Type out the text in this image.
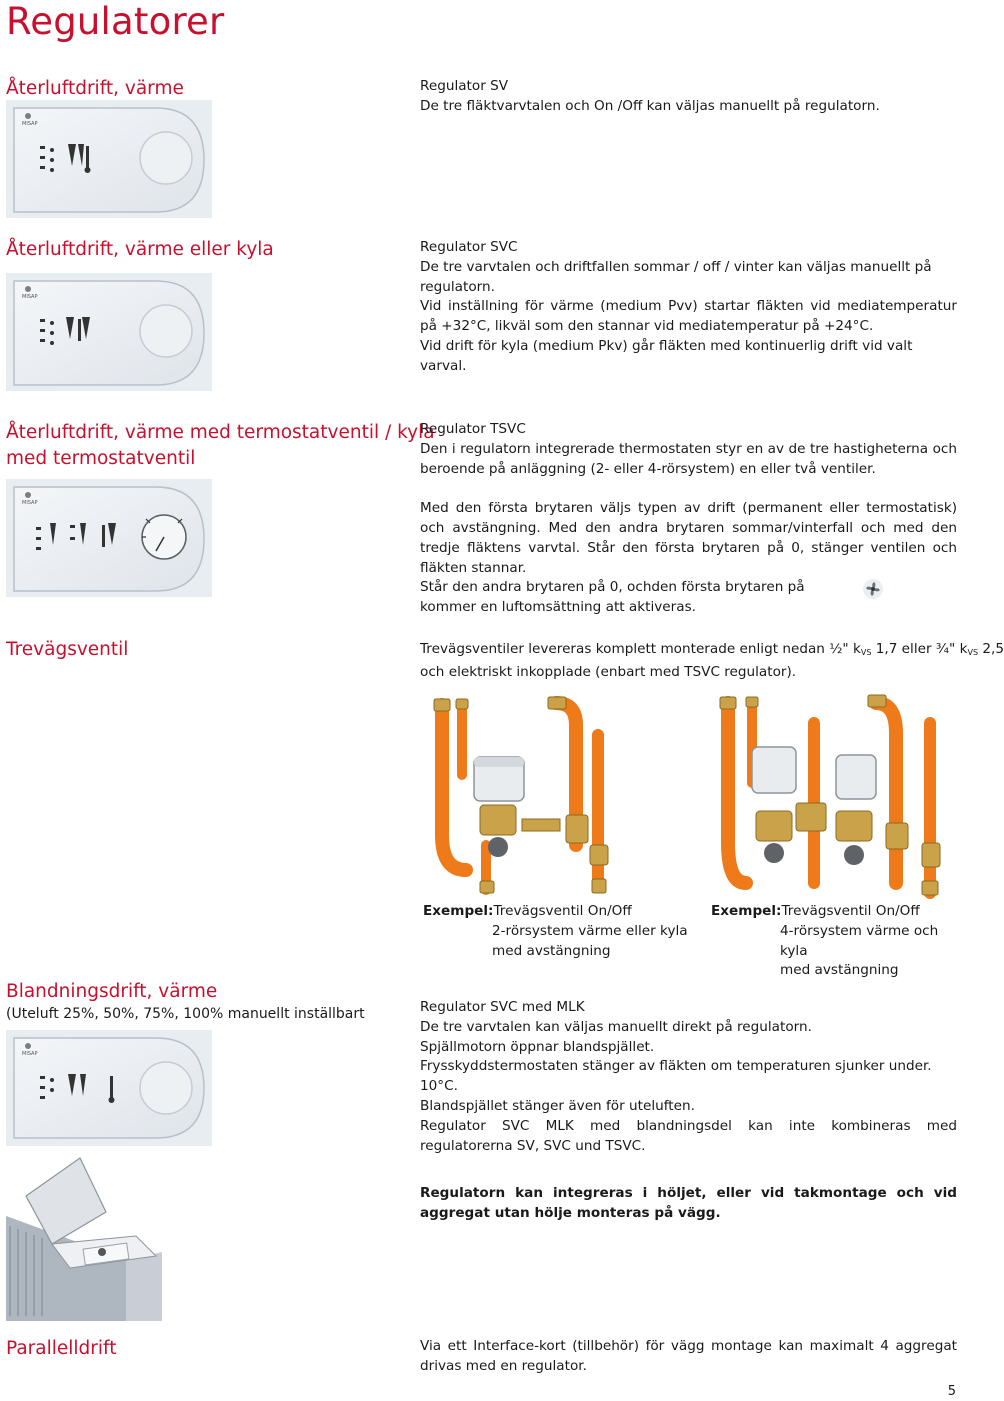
Regulatorer
Återluftdrift, värme
MISAP

Regulator SV

De tre fläktvarvtalen och On /Off kan väljas manuellt på regulatorn.

Återluftdrift, värme eller kyla
MISAP

Regulator SVC

De tre varvtalen och driftfallen sommar / off / vinter kan väljas manuellt på regulatorn.

Vid inställning för värme (medium Pvv) startar fläkten vid mediatemperatur på +32°C, likväl som den stannar vid mediatemperatur på +24°C.

Vid drift för kyla (medium Pkv) går fläkten med kontinuerlig drift vid valt varval.

Återluftdrift, värme med termostatventil / kyla
med termostatventil
MISAP

Regulator TSVC

Den i regulatorn integrerade thermostaten styr en av de tre hastigheterna och beroende på anläggning (2- eller 4-rörsystem) en eller två ventiler.

Med den första brytaren väljs typen av drift (permanent eller termostatisk) och avstängning. Med den andra brytaren sommar/vinterfall och med den tredje fläktens varvtal. Står den första brytaren på 0, stänger ventilen och fläkten stannar.

Står den andra brytaren på 0, ochden första brytaren på

kommer en luftomsättning att aktiveras.

Trevägsventil	Trevägsventiler levereras komplett monterade enligt nedan ½" $k_{VS}$ 1,7 eller ¾" $k_{VS}$ 2,5

och elektriskt inkopplade (enbart med TSVC regulator).

Exempel:Trevägsventil On/Off
2-rörsystem värme eller kyla
med avstängning
Exempel:Trevägsventil On/Off
4-rörsystem värme och kyla
med avstängning
Blandningsdrift, värme
(Uteluft 25%, 50%, 75%, 100% manuellt inställbart
MISAP

Regulator SVC med MLK

De tre varvtalen kan väljas manuellt direkt på regulatorn.

Spjällmotorn öppnar blandspjället.

Frysskyddstermostaten stänger av fläkten om temperaturen sjunker under. 10°C.

Blandspjället stänger även för uteluften.

Regulator SVC MLK med blandningsdel kan inte kombineras med regulatorerna SV, SVC und TSVC.

Regulatorn kan integreras i höljet, eller vid takmontage och vid aggregat utan hölje monteras på vägg.
Parallelldrift	Via ett Interface-kort (tillbehör) för vägg montage kan maximalt 4 aggregat drivas med en regulator.
5
